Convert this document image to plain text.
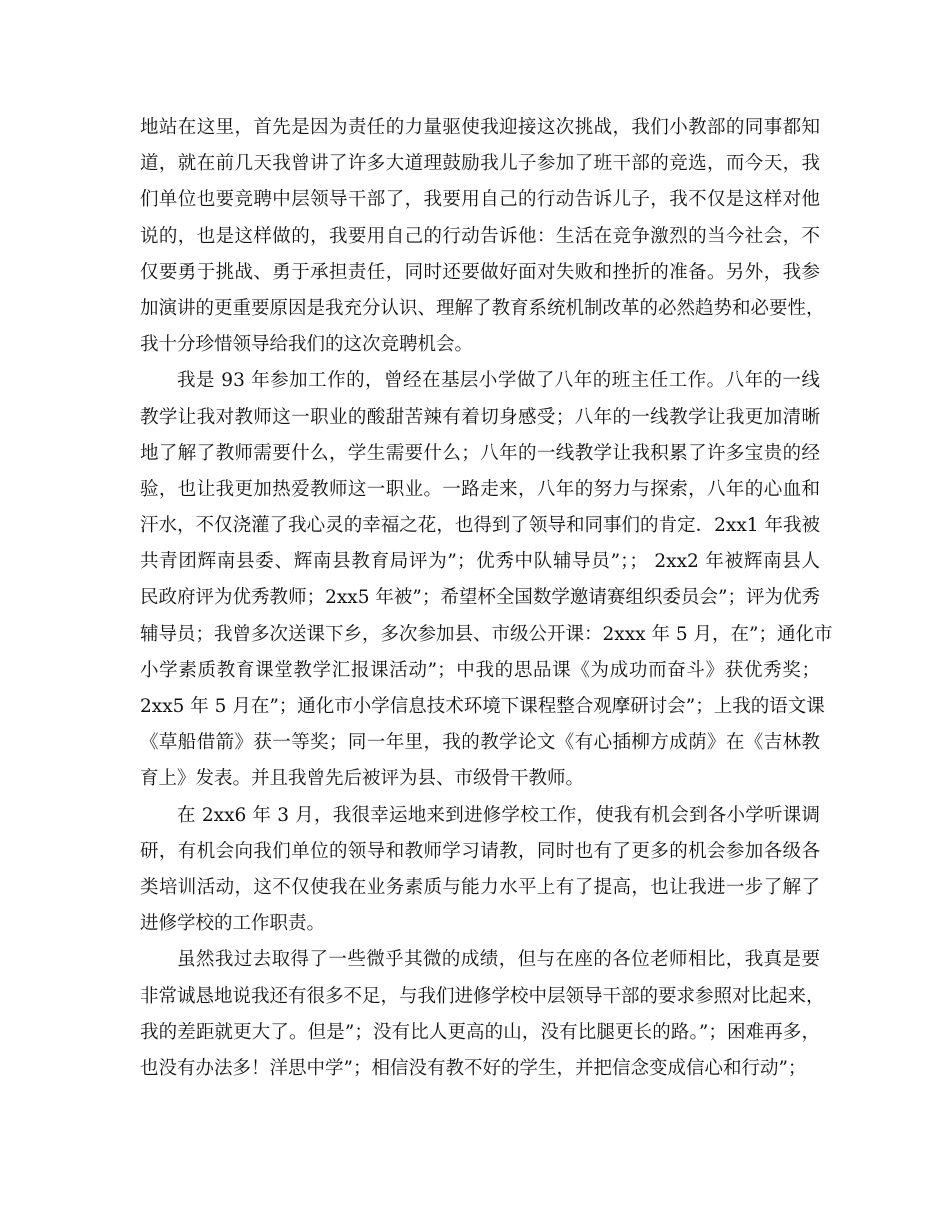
地站在这里，首先是因为责任的力量驱使我迎接这次挑战，我们小教部的同事都知
道，就在前几天我曾讲了许多大道理鼓励我儿子参加了班干部的竞选，而今天，我
们单位也要竞聘中层领导干部了，我要用自己的行动告诉儿子，我不仅是这样对他
说的，也是这样做的，我要用自己的行动告诉他：生活在竞争激烈的当今社会，不
仅要勇于挑战、勇于承担责任，同时还要做好面对失败和挫折的准备。另外，我参
加演讲的更重要原因是我充分认识、理解了教育系统机制改革的必然趋势和必要性，
我十分珍惜领导给我们的这次竞聘机会。
我是 93 年参加工作的，曾经在基层小学做了八年的班主任工作。八年的一线
教学让我对教师这一职业的酸甜苦辣有着切身感受；八年的一线教学让我更加清晰
地了解了教师需要什么，学生需要什么；八年的一线教学让我积累了许多宝贵的经
验，也让我更加热爱教师这一职业。一路走来，八年的努力与探索，八年的心血和
汗水，不仅浇灌了我心灵的幸福之花，也得到了领导和同事们的肯定．2xx1 年我被
共青团辉南县委、辉南县教育局评为”；优秀中队辅导员”；； 2xx2 年被辉南县人
民政府评为优秀教师；2xx5 年被”；希望杯全国数学邀请赛组织委员会”；评为优秀
辅导员；我曾多次送课下乡，多次参加县、市级公开课：2xxx 年 5 月，在”；通化市
小学素质教育课堂教学汇报课活动”；中我的思品课《为成功而奋斗》获优秀奖；
2xx5 年 5 月在”；通化市小学信息技术环境下课程整合观摩研讨会”；上我的语文课
《草船借箭》获一等奖；同一年里，我的教学论文《有心插柳方成荫》在《吉林教
育上》发表。并且我曾先后被评为县、市级骨干教师。
在 2xx6 年 3 月，我很幸运地来到进修学校工作，使我有机会到各小学听课调
研，有机会向我们单位的领导和教师学习请教，同时也有了更多的机会参加各级各
类培训活动，这不仅使我在业务素质与能力水平上有了提高，也让我进一步了解了
进修学校的工作职责。
虽然我过去取得了一些微乎其微的成绩，但与在座的各位老师相比，我真是要
非常诚恳地说我还有很多不足，与我们进修学校中层领导干部的要求参照对比起来，
我的差距就更大了。但是”；没有比人更高的山，没有比腿更长的路。”；困难再多，
也没有办法多！洋思中学”；相信没有教不好的学生，并把信念变成信心和行动”；
